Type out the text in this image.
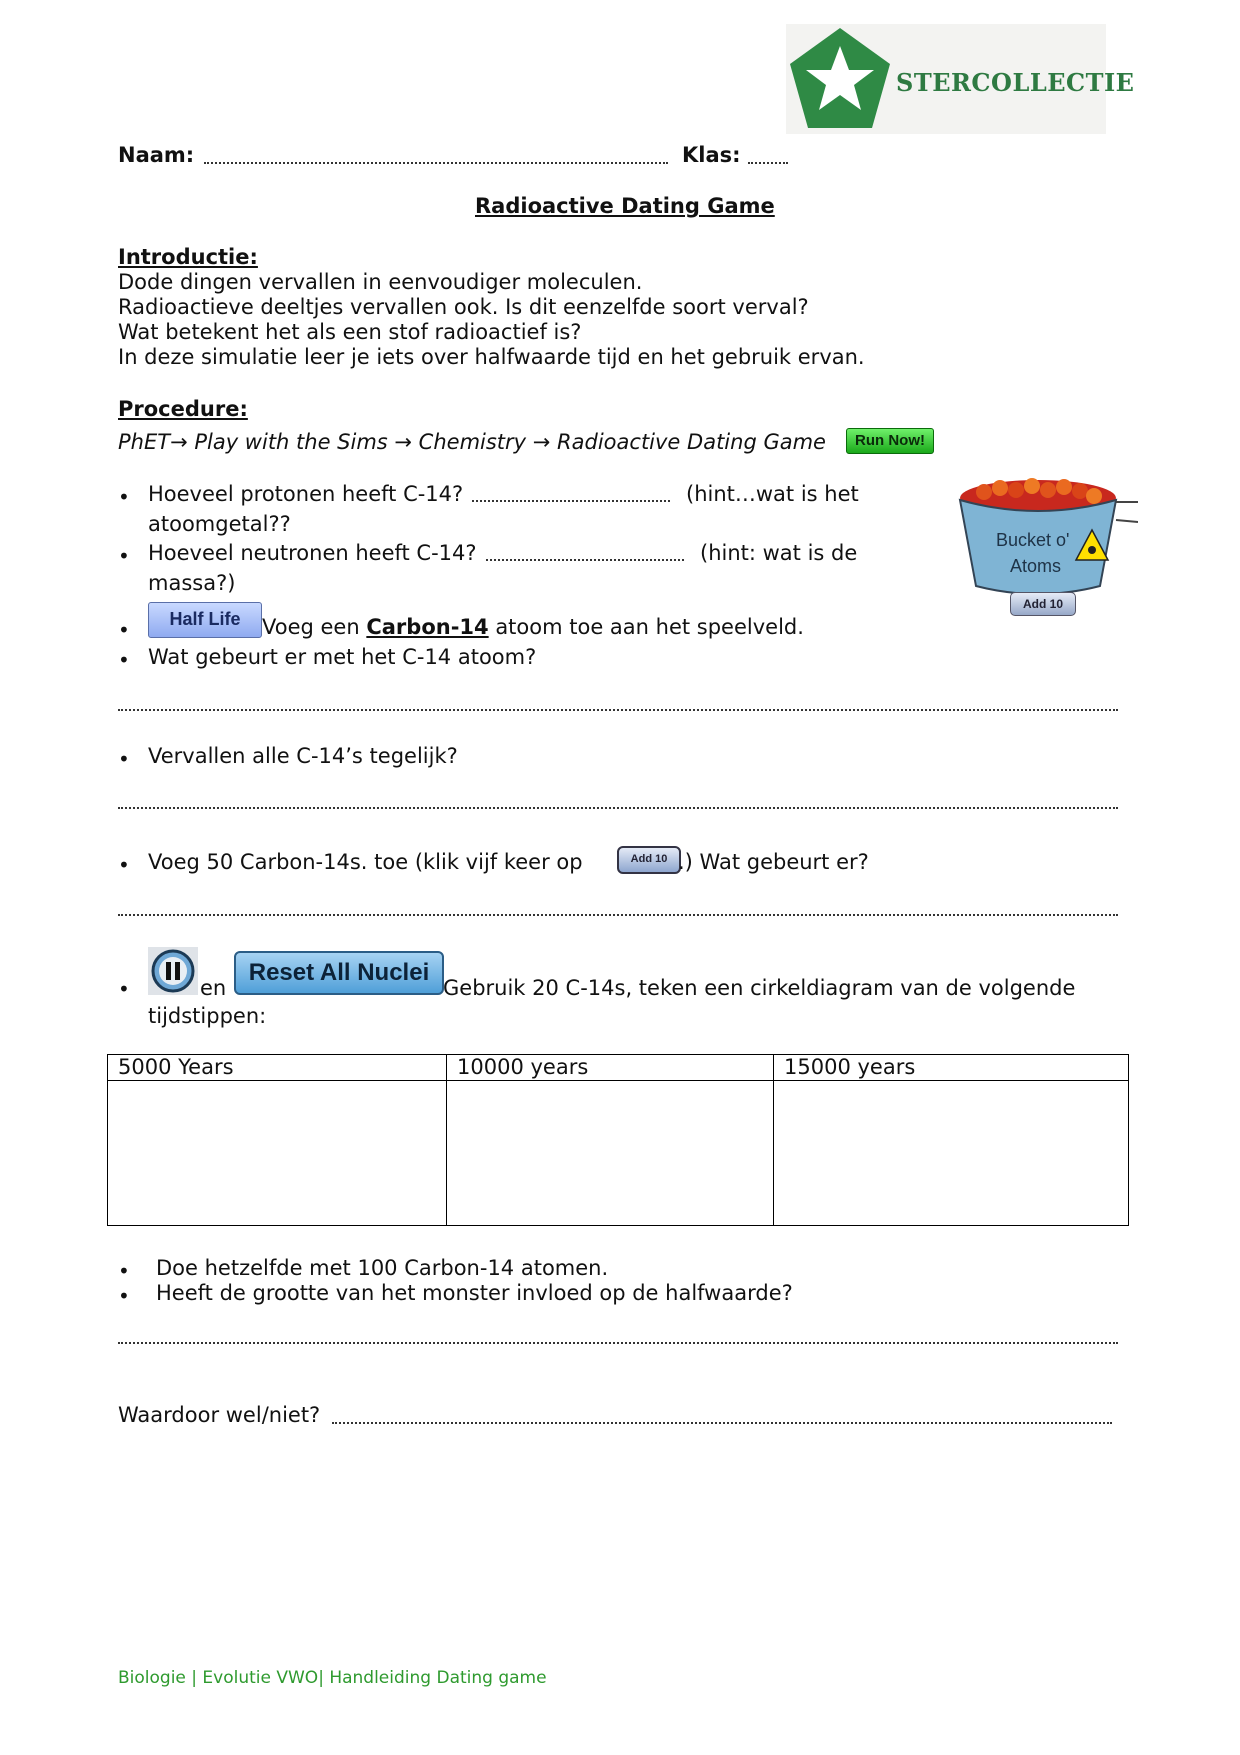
STERCOLLECTIE
Naam:	Klas:
Radioactive Dating Game
Introductie:
Dode dingen vervallen in eenvoudiger moleculen.
Radioactieve deeltjes vervallen ook. Is dit eenzelfde soort verval?
Wat betekent het als een stof radioactief is?
In deze simulatie leer je iets over halfwaarde tijd en het gebruik ervan.
Procedure:
PhET→ Play with the Sims → Chemistry → Radioactive Dating Game	Run Now!
Bucket o'
Atoms
Add 10
• Hoeveel protonen heeft C-14?	(hint…wat is het
atoomgetal??
• Hoeveel neutronen heeft C-14?	(hint: wat is de
massa?)
•	Half Life	Voeg een Carbon-14 atoom toe aan het speelveld.
• Wat gebeurt er met het C-14 atoom?
• Vervallen alle C-14’s tegelijk?
• Voeg 50 Carbon-14s. toe (klik vijf keer op	Add 10 .) Wat gebeurt er?
•	en
Reset All Nuclei
Gebruik 20 C-14s, teken een cirkeldiagram van de volgende
tijdstippen:
5000 Years	10000 years	15000 years

• Doe hetzelfde met 100 Carbon-14 atomen.
• Heeft de grootte van het monster invloed op de halfwaarde?
Waardoor wel/niet?
Biologie | Evolutie VWO| Handleiding Dating game
